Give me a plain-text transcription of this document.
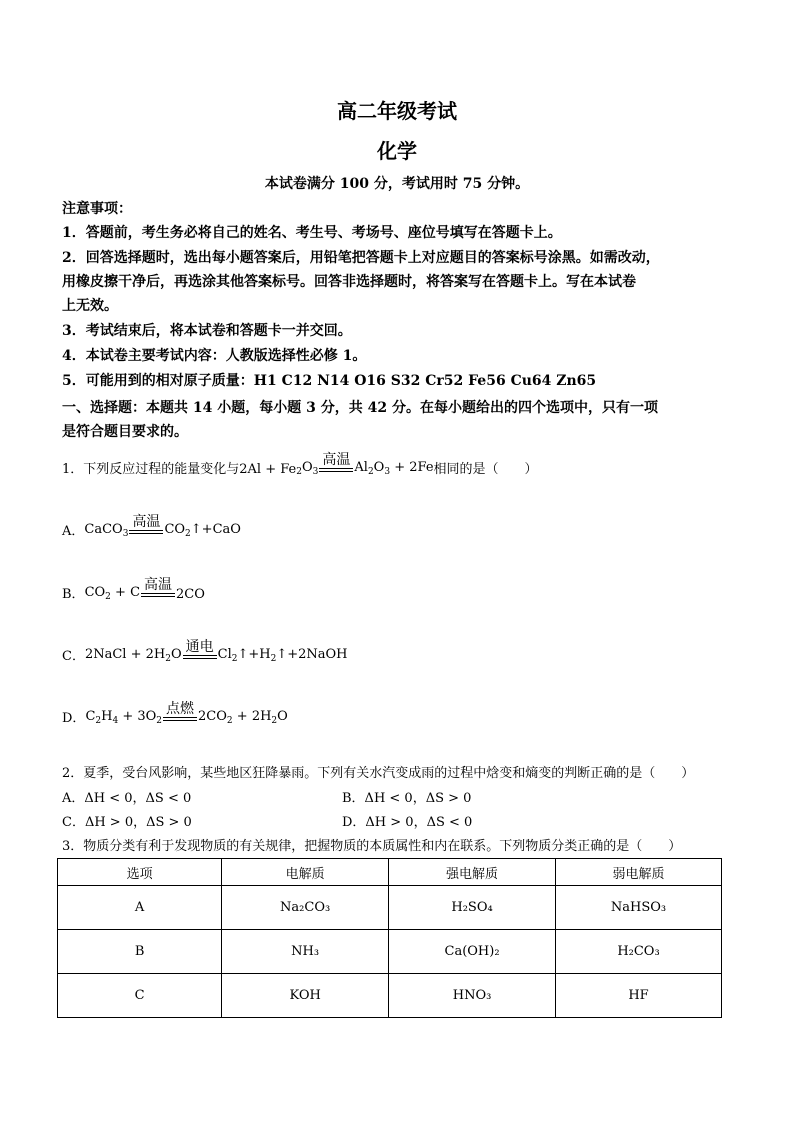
高二年级考试
化学
本试卷满分 100 分，考试用时 75 分钟。
注意事项：
1．答题前，考生务必将自己的姓名、考生号、考场号、座位号填写在答题卡上。
2．回答选择题时，选出每小题答案后，用铅笔把答题卡上对应题目的答案标号涂黑。如需改动，
用橡皮擦干净后，再选涂其他答案标号。回答非选择题时，将答案写在答题卡上。写在本试卷
上无效。
3．考试结束后，将本试卷和答题卡一并交回。
4．本试卷主要考试内容：人教版选择性必修 1。
5．可能用到的相对原子质量：H1 C12 N14 O16 S32 Cr52 Fe56 Cu64 Zn65
一、选择题：本题共 14 小题，每小题 3 分，共 42 分。在每小题给出的四个选项中，只有一项
是符合题目要求的。
1．下列反应过程的能量变化与2Al + Fe $_2O_3$
高温 $Al_2O_3 + 2Fe$ 相同的是（　　）
A． CaCO$_3$
高温 $CO_2↑+CaO$
B． $CO_2 + C$ 高温
2CO
C． 2NaCl + $2H_2O$ 通电 $Cl_2↑+H_2↑+2NaOH$
D． $C_2H_4 + 3O_2$
点燃 $2CO_2 + 2H_2O$
2．夏季，受台风影响，某些地区狂降暴雨。下列有关水汽变成雨的过程中焓变和熵变的判断正确的是（　　）
A．ΔH < 0，ΔS < 0	B．ΔH < 0，ΔS > 0
C．ΔH > 0，ΔS > 0	D．ΔH > 0，ΔS < 0
3．物质分类有利于发现物质的有关规律，把握物质的本质属性和内在联系。下列物质分类正确的是（　　）
选项	电解质	强电解质	弱电解质
A	Na₂CO₃	H₂SO₄	NaHSO₃
B	NH₃	Ca(OH)₂	H₂CO₃
C	KOH	HNO₃	HF
